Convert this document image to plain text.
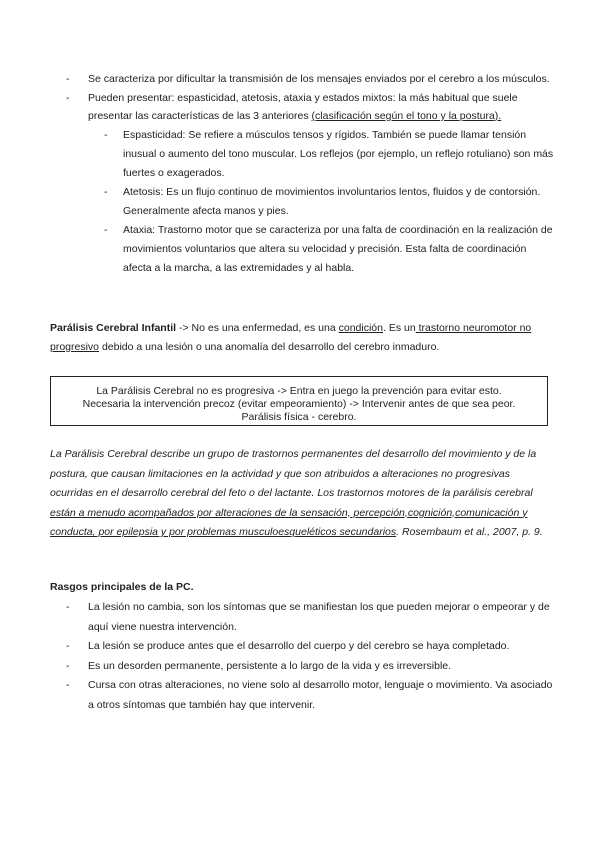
- Se caracteriza por dificultar la transmisión de los mensajes enviados por el cerebro a los músculos.
- Pueden presentar: espasticidad, atetosis, ataxia y estados mixtos: la más habitual que suele presentar las características de las 3 anteriores (clasificación según el tono y la postura).
- Espasticidad: Se refiere a músculos tensos y rígidos. También se puede llamar tensión inusual o aumento del tono muscular. Los reflejos (por ejemplo, un reflejo rotuliano) son más fuertes o exagerados.
- Atetosis: Es un flujo continuo de movimientos involuntarios lentos, fluidos y de contorsión. Generalmente afecta manos y pies.
- Ataxia: Trastorno motor que se caracteriza por una falta de coordinación en la realización de movimientos voluntarios que altera su velocidad y precisión. Esta falta de coordinación afecta a la marcha, a las extremidades y al habla.
Parálisis Cerebral Infantil -> No es una enfermedad, es una condición. Es un trastorno neuromotor no progresivo debido a una lesión o una anomalía del desarrollo del cerebro inmaduro.
La Parálisis Cerebral no es progresiva -> Entra en juego la prevención para evitar esto.
Necesaria la intervención precoz (evitar empeoramiento) -> Intervenir antes de que sea peor.
Parálisis física - cerebro.
La Parálisis Cerebral describe un grupo de trastornos permanentes del desarrollo del movimiento y de la postura, que causan limitaciones en la actividad y que son atribuidos a alteraciones no progresivas ocurridas en el desarrollo cerebral del feto o del lactante. Los trastornos motores de la parálisis cerebral están a menudo acompañados por alteraciones de la sensación, percepción,cognición,comunicación y conducta, por epilepsia y por problemas musculoesqueléticos secundarios. Rosembaum et al., 2007, p. 9.
Rasgos principales de la PC.
- La lesión no cambia, son los síntomas que se manifiestan los que pueden mejorar o empeorar y de aquí viene nuestra intervención.
- La lesión se produce antes que el desarrollo del cuerpo y del cerebro se haya completado.
- Es un desorden permanente, persistente a lo largo de la vida y es irreversible.
- Cursa con otras alteraciones, no viene solo al desarrollo motor, lenguaje o movimiento. Va asociado a otros síntomas que también hay que intervenir.
